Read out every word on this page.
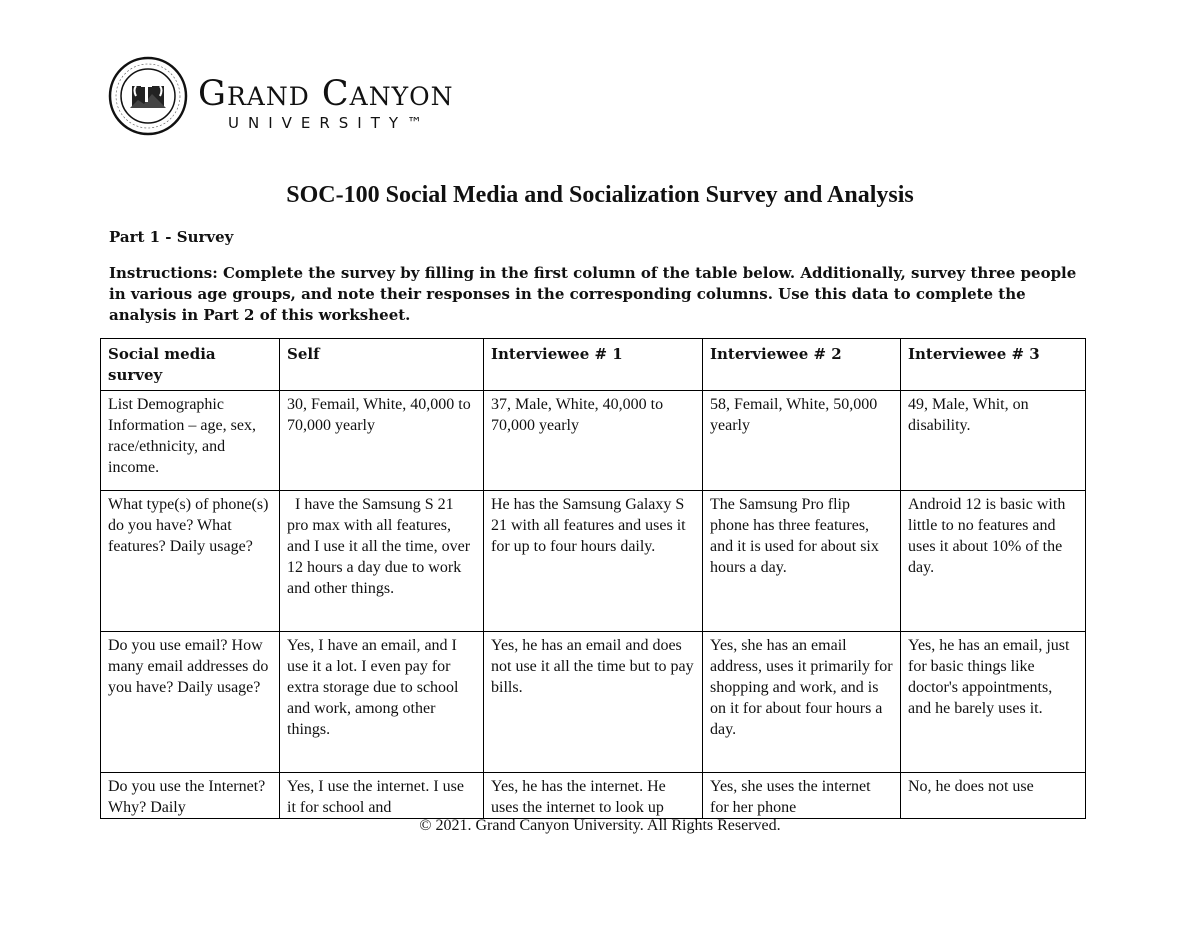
Grand Canyon
UNIVERSITY™
SOC-100 Social Media and Socialization Survey and Analysis
Part 1 - Survey
Instructions: Complete the survey by filling in the first column of the table below. Additionally, survey three people in various age groups, and note their responses in the corresponding columns. Use this data to complete the analysis in Part 2 of this worksheet.
Social media survey	Self	Interviewee # 1	Interviewee # 2	Interviewee # 3
List Demographic Information – age, sex, race/ethnicity, and income.	30, Femail, White, 40,000 to 70,000 yearly	37, Male, White, 40,000 to 70,000 yearly	58, Femail, White, 50,000 yearly	49, Male, Whit, on disability.
What type(s) of phone(s) do you have? What features? Daily usage?	I have the Samsung S 21 pro max with all features, and I use it all the time, over 12 hours a day due to work and other things.	He has the Samsung Galaxy S 21 with all features and uses it for up to four hours daily.	The Samsung Pro flip phone has three features, and it is used for about six hours a day.	Android 12 is basic with little to no features and uses it about 10% of the day.
Do you use email? How many email addresses do you have? Daily usage?	Yes, I have an email, and I use it a lot. I even pay for extra storage due to school and work, among other things.	Yes, he has an email and does not use it all the time but to pay bills.	Yes, she has an email address, uses it primarily for shopping and work, and is on it for about four hours a day.	Yes, he has an email, just for basic things like doctor's appointments, and he barely uses it.

Do you use the Internet? Why? Daily	Yes, I use the internet. I use it for school and	Yes, he has the internet. He uses the internet to look up	Yes, she uses the internet for her phone	No, he does not use
© 2021. Grand Canyon University. All Rights Reserved.
